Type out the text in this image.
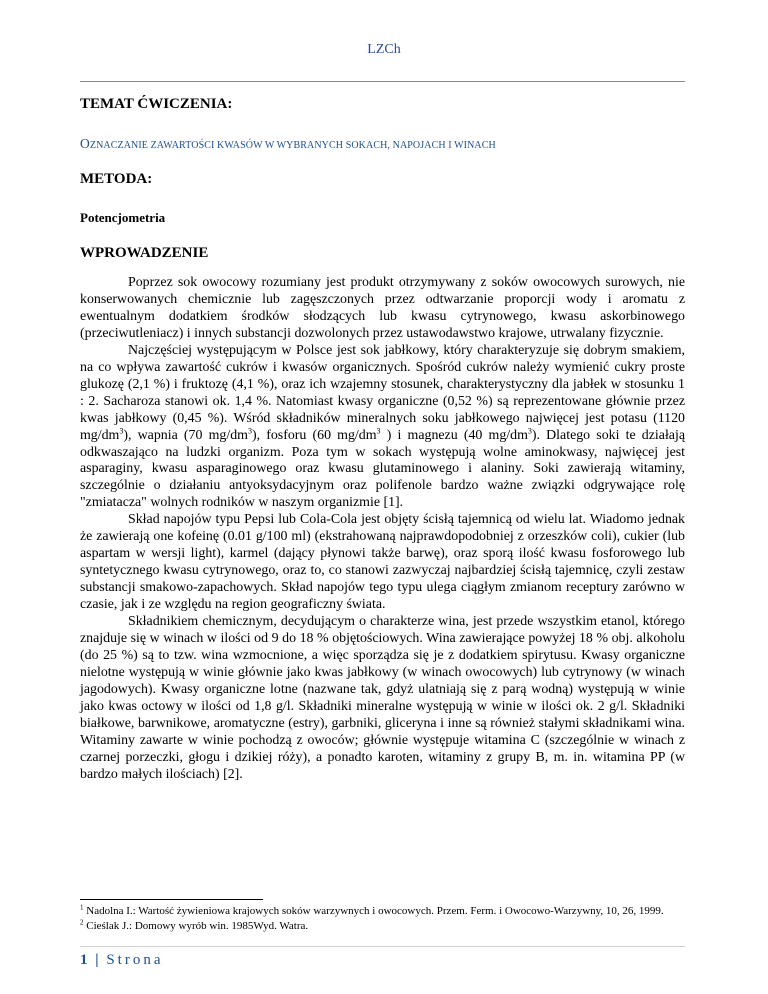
LZCh
TEMAT ĆWICZENIA:
OZNACZANIE ZAWARTOŚCI KWASÓW W WYBRANYCH SOKACH, NAPOJACH I WINACH
METODA:
Potencjometria
WPROWADZENIE

Poprzez sok owocowy rozumiany jest produkt otrzymywany z soków owocowych surowych, nie konserwowanych chemicznie lub zagęszczonych przez odtwarzanie proporcji wody i aromatu z ewentualnym dodatkiem środków słodzących lub kwasu cytrynowego, kwasu askorbinowego (przeciwutleniacz) i innych substancji dozwolonych przez ustawodawstwo krajowe, utrwalany fizycznie.

Najczęściej występującym w Polsce jest sok jabłkowy, który charakteryzuje się dobrym smakiem, na co wpływa zawartość cukrów i kwasów organicznych. Spośród cukrów należy wymienić cukry proste glukozę (2,1 %) i fruktozę (4,1 %), oraz ich wzajemny stosunek, charakterystyczny dla jabłek w stosunku 1 : 2. Sacharoza stanowi ok. 1,4 %. Natomiast kwasy organiczne (0,52 %) są reprezentowane głównie przez kwas jabłkowy (0,45 %). Wśród składników mineralnych soku jabłkowego najwięcej jest potasu (1120 $mg/dm^3$), wapnia (70 $mg/dm^3$), fosforu (60 $mg/dm^3$ ) i magnezu (40 $mg/dm^3$). Dlatego soki te działają odkwaszająco na ludzki organizm. Poza tym w sokach występują wolne aminokwasy, najwięcej jest asparaginy, kwasu asparaginowego oraz kwasu glutaminowego i alaniny. Soki zawierają witaminy, szczególnie o działaniu antyoksydacyjnym oraz polifenole bardzo ważne związki odgrywające rolę "zmiatacza" wolnych rodników w naszym organizmie [1].

Skład napojów typu Pepsi lub Cola-Cola jest objęty ścisłą tajemnicą od wielu lat. Wiadomo jednak że zawierają one kofeinę (0.01 g/100 ml) (ekstrahowaną najprawdopodobniej z orzeszków coli), cukier (lub aspartam w wersji light), karmel (dający płynowi także barwę), oraz sporą ilość kwasu fosforowego lub syntetycznego kwasu cytrynowego, oraz to, co stanowi zazwyczaj najbardziej ścisłą tajemnicę, czyli zestaw substancji smakowo-zapachowych. Skład napojów tego typu ulega ciągłym zmianom receptury zarówno w czasie, jak i ze względu na region geograficzny świata.

Składnikiem chemicznym, decydującym o charakterze wina, jest przede wszystkim etanol, którego znajduje się w winach w ilości od 9 do 18 % objętościowych. Wina zawierające powyżej 18 % obj. alkoholu (do 25 %) są to tzw. wina wzmocnione, a więc sporządza się je z dodatkiem spirytusu. Kwasy organiczne nielotne występują w winie głównie jako kwas jabłkowy (w winach owocowych) lub cytrynowy (w winach jagodowych). Kwasy organiczne lotne (nazwane tak, gdyż ulatniają się z parą wodną) występują w winie jako kwas octowy w ilości od 1,8 g/l. Składniki mineralne występują w winie w ilości ok. 2 g/l. Składniki białkowe, barwnikowe, aromatyczne (estry), garbniki, gliceryna i inne są również stałymi składnikami wina. Witaminy zawarte w winie pochodzą z owoców; głównie występuje witamina C (szczególnie w winach z czarnej porzeczki, głogu i dzikiej róży), a ponadto karoten, witaminy z grupy B, m. in. witamina PP (w bardzo małych ilościach) [2].

$^1$ Nadolna I.: Wartość żywieniowa krajowych soków warzywnych i owocowych. Przem. Ferm. i Owocowo-Warzywny, 10, 26, 1999.

$^2$ Cieślak J.: Domowy wyrób win. 1985Wyd. Watra.

1 | Strona
